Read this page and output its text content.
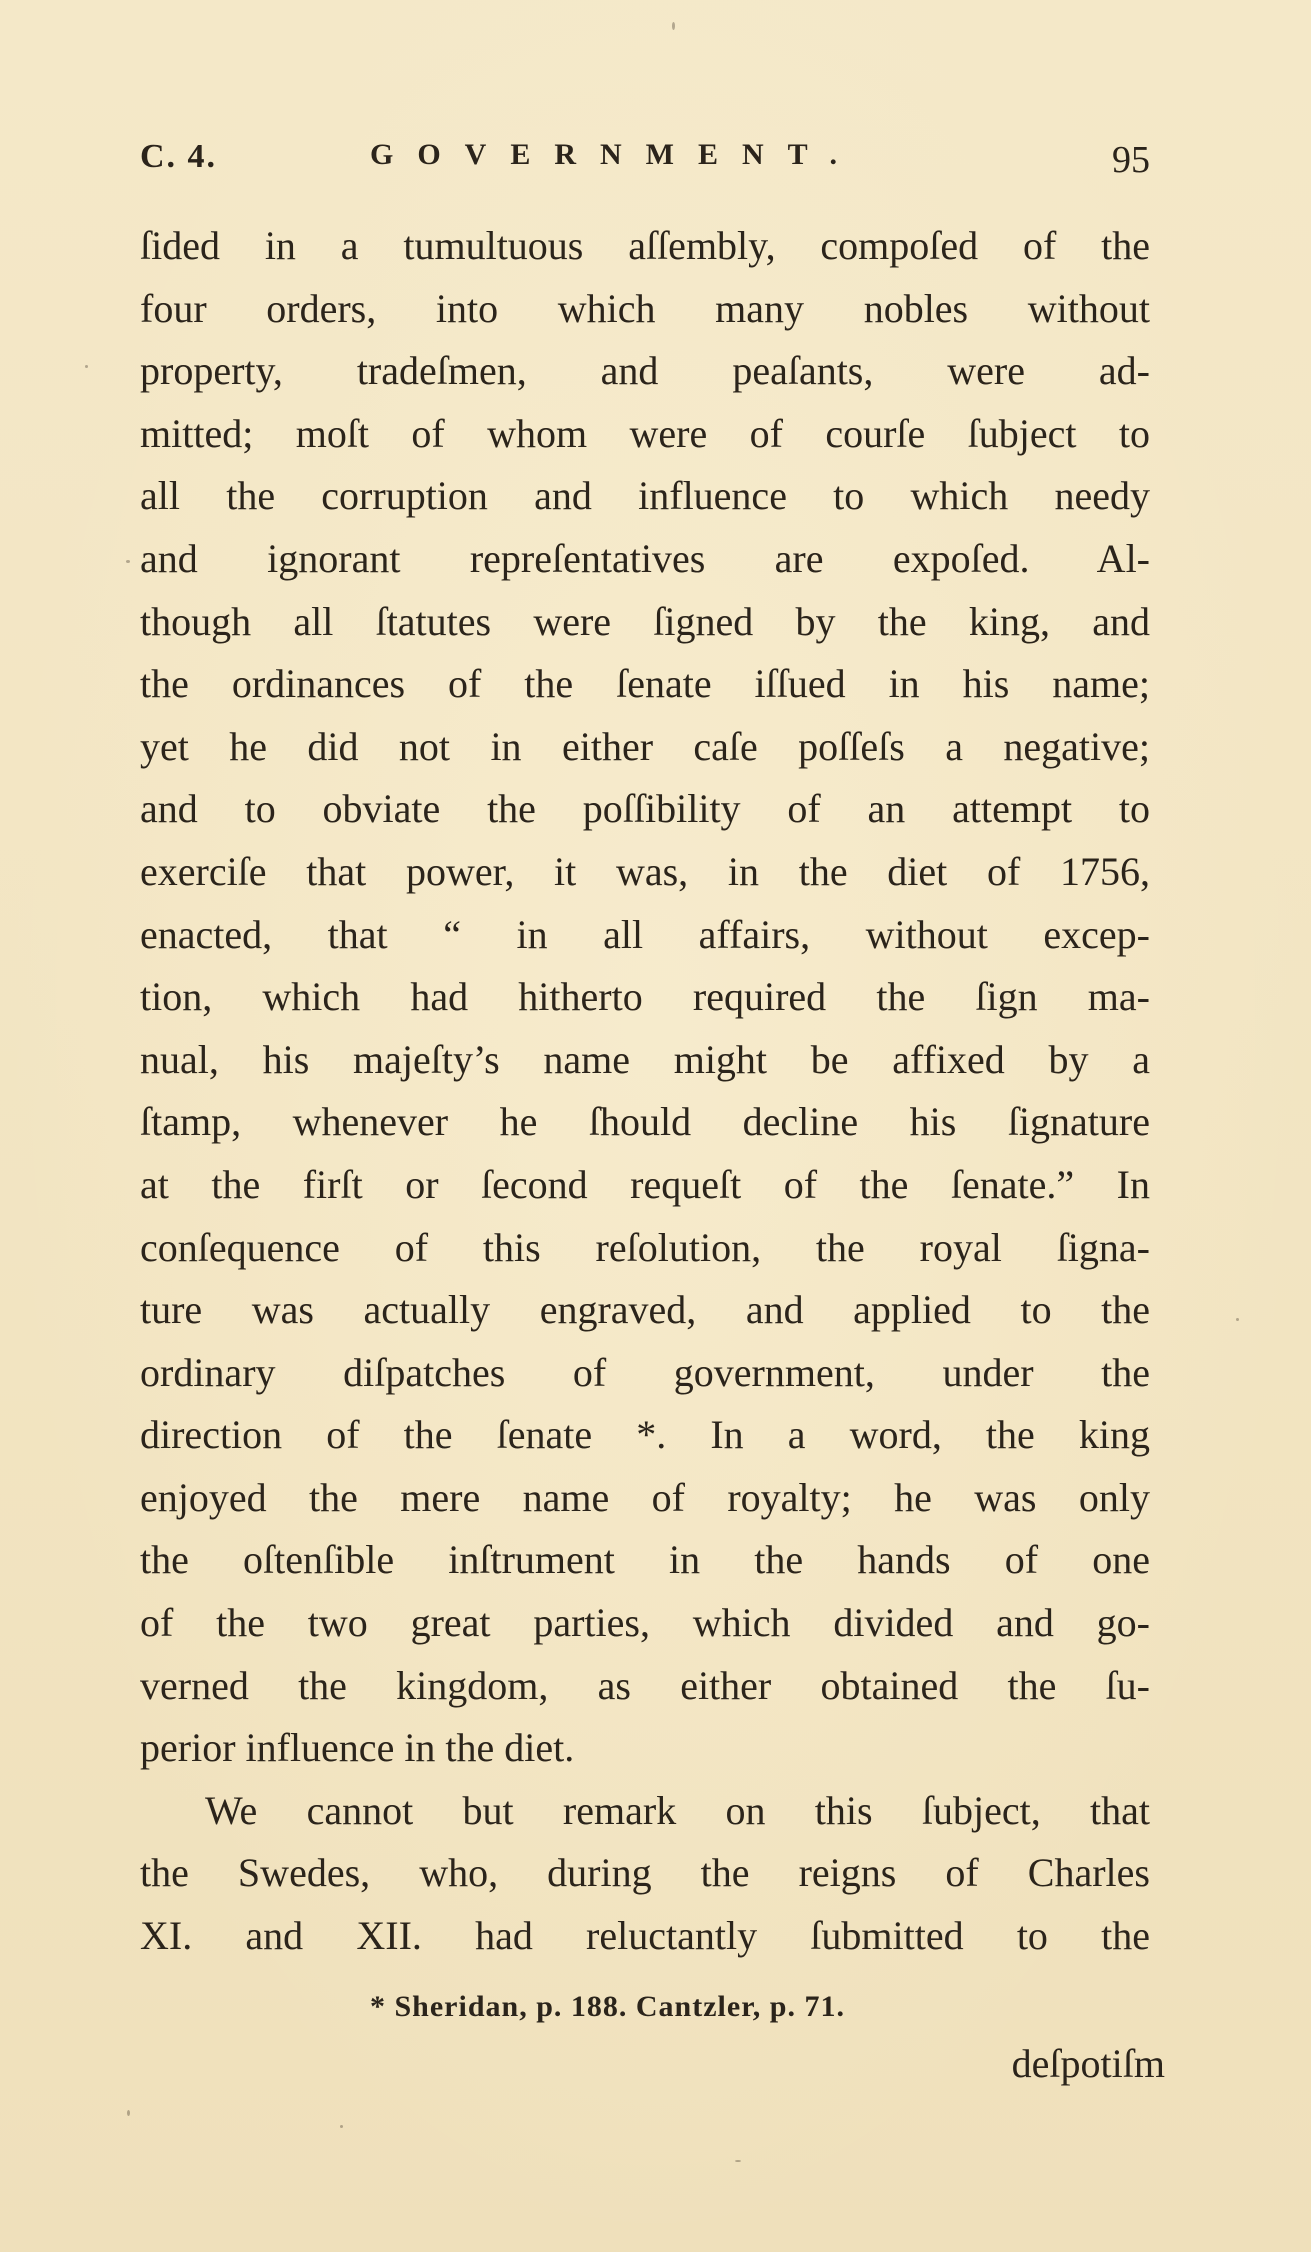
C. 4.	GOVERNMENT.	95
ſided in a tumultuous aſſembly, compoſed of the
four orders, into which many nobles without
property, tradeſmen, and peaſants, were ad-
mitted; moſt of whom were of courſe ſubject to
all the corruption and influence to which needy
and ignorant repreſentatives are expoſed. Al-
though all ſtatutes were ſigned by the king, and
the ordinances of the ſenate iſſued in his name;
yet he did not in either caſe poſſeſs a negative;
and to obviate the poſſibility of an attempt to
exerciſe that power, it was, in the diet of 1756,
enacted, that “ in all affairs, without excep-
tion, which had hitherto required the ſign ma-
nual, his majeſty’s name might be affixed by a
ſtamp, whenever he ſhould decline his ſignature
at the firſt or ſecond requeſt of the ſenate.” In
conſequence of this reſolution, the royal ſigna-
ture was actually engraved, and applied to the
ordinary diſpatches of government, under the
direction of the ſenate *. In a word, the king
enjoyed the mere name of royalty; he was only
the oſtenſible inſtrument in the hands of one
of the two great parties, which divided and go-
verned the kingdom, as either obtained the ſu-
perior influence in the diet.
We cannot but remark on this ſubject, that
the Swedes, who, during the reigns of Charles
XI. and XII. had reluctantly ſubmitted to the
* Sheridan, p. 188. Cantzler, p. 71.
deſpotiſm
